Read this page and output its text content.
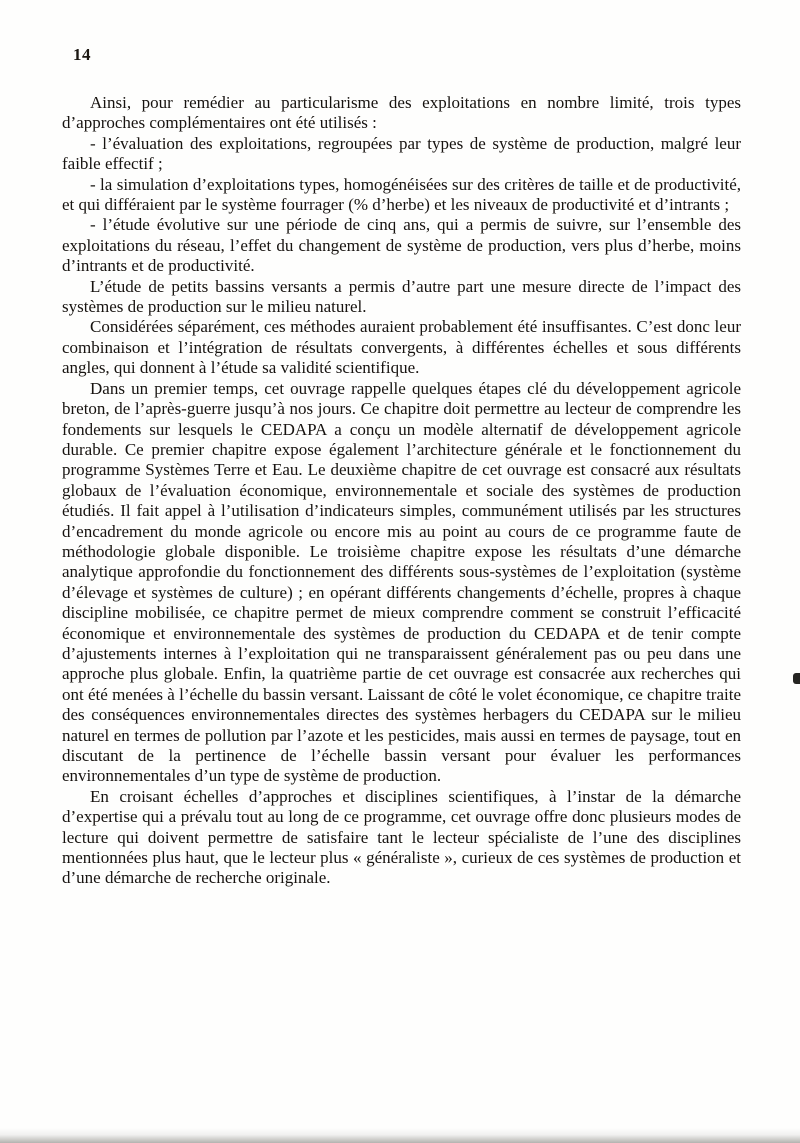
14

Ainsi, pour remédier au particularisme des exploitations en nombre limité, trois types d’approches complémentaires ont été utilisés :

- l’évaluation des exploitations, regroupées par types de système de production, malgré leur faible effectif ;

- la simulation d’exploitations types, homogénéisées sur des critères de taille et de productivité, et qui différaient par le système fourrager (% d’herbe) et les niveaux de productivité et d’intrants ;

- l’étude évolutive sur une période de cinq ans, qui a permis de suivre, sur l’ensemble des exploitations du réseau, l’effet du changement de système de production, vers plus d’herbe, moins d’intrants et de productivité.

L’étude de petits bassins versants a permis d’autre part une mesure directe de l’impact des systèmes de production sur le milieu naturel.

Considérées séparément, ces méthodes auraient probablement été insuffisantes. C’est donc leur combinaison et l’intégration de résultats convergents, à différentes échelles et sous différents angles, qui donnent à l’étude sa validité scientifique.

Dans un premier temps, cet ouvrage rappelle quelques étapes clé du développement agricole breton, de l’après-guerre jusqu’à nos jours. Ce chapitre doit permettre au lecteur de comprendre les fondements sur lesquels le CEDAPA a conçu un modèle alternatif de développement agricole durable. Ce premier chapitre expose également l’architecture générale et le fonctionnement du programme Systèmes Terre et Eau. Le deuxième chapitre de cet ouvrage est consacré aux résultats globaux de l’évaluation économique, environnementale et sociale des systèmes de production étudiés. Il fait appel à l’utilisation d’indicateurs simples, communément utilisés par les structures d’encadrement du monde agricole ou encore mis au point au cours de ce programme faute de méthodologie globale disponible. Le troisième chapitre expose les résultats d’une démarche analytique approfondie du fonctionnement des différents sous-systèmes de l’exploitation (système d’élevage et systèmes de culture) ; en opérant différents changements d’échelle, propres à chaque discipline mobilisée, ce chapitre permet de mieux comprendre comment se construit l’efficacité économique et environnementale des systèmes de production du CEDAPA et de tenir compte d’ajustements internes à l’exploitation qui ne transparaissent généralement pas ou peu dans une approche plus globale. Enfin, la quatrième partie de cet ouvrage est consacrée aux recherches qui ont été menées à l’échelle du bassin versant. Laissant de côté le volet économique, ce chapitre traite des conséquences environnementales directes des systèmes herbagers du CEDAPA sur le milieu naturel en termes de pollution par l’azote et les pesticides, mais aussi en termes de paysage, tout en discutant de la pertinence de l’échelle bassin versant pour évaluer les performances environnementales d’un type de système de production.

En croisant échelles d’approches et disciplines scientifiques, à l’instar de la démarche d’expertise qui a prévalu tout au long de ce programme, cet ouvrage offre donc plusieurs modes de lecture qui doivent permettre de satisfaire tant le lecteur spécialiste de l’une des disciplines mentionnées plus haut, que le lecteur plus « généraliste », curieux de ces systèmes de production et d’une démarche de recherche originale.
